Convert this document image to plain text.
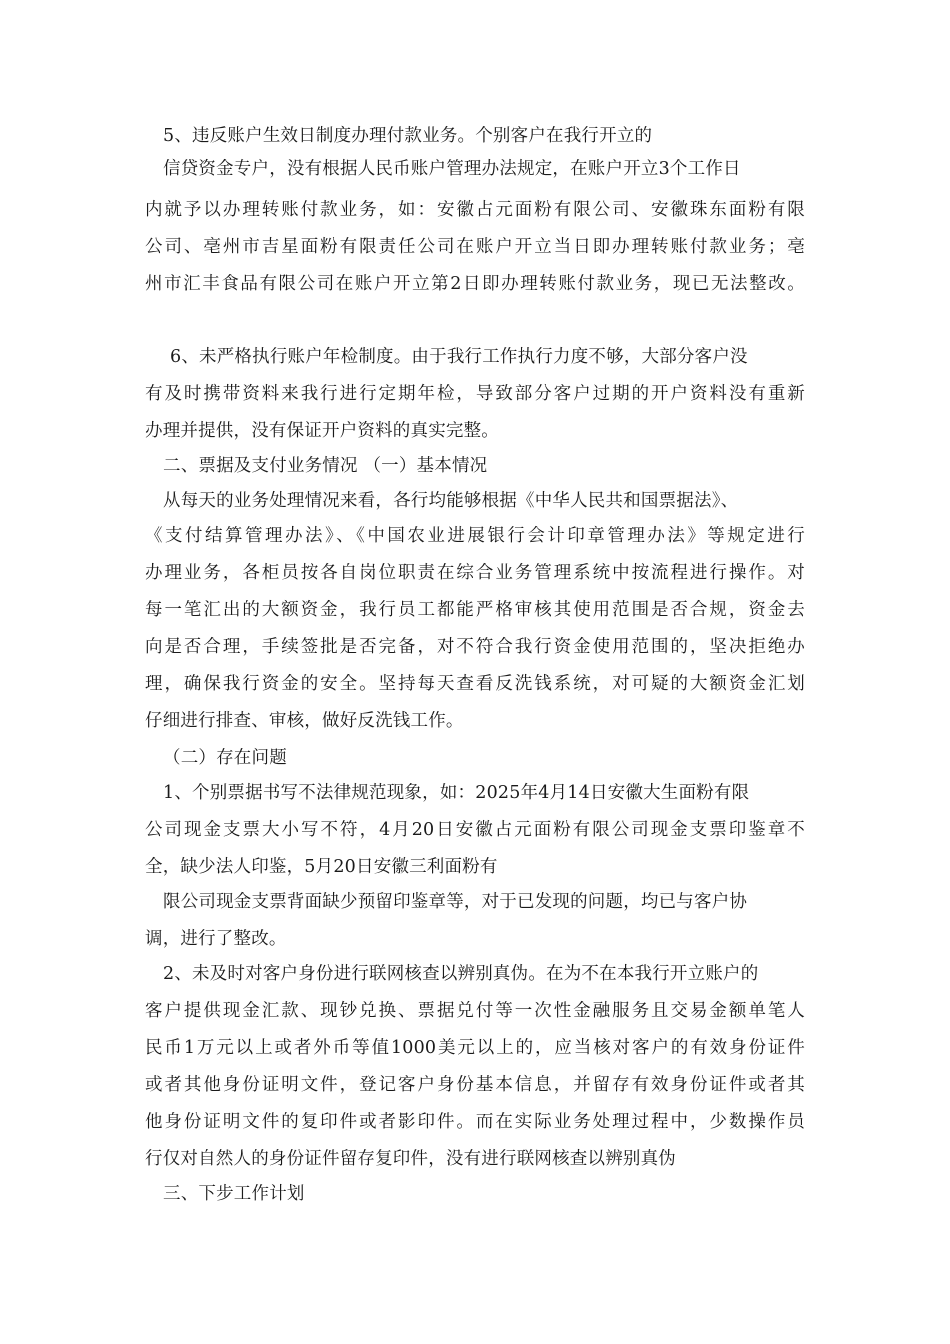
5、违反账户生效日制度办理付款业务。个别客户在我行开立的
信贷资金专户，没有根据人民币账户管理办法规定，在账户开立3个工作日
内就予以办理转账付款业务，如：安徽占元面粉有限公司、安徽珠东面粉有限
公司、亳州市吉星面粉有限责任公司在账户开立当日即办理转账付款业务；亳
州市汇丰食品有限公司在账户开立第2日即办理转账付款业务，现已无法整改。
6、未严格执行账户年检制度。由于我行工作执行力度不够，大部分客户没
有及时携带资料来我行进行定期年检，导致部分客户过期的开户资料没有重新
办理并提供，没有保证开户资料的真实完整。
二、票据及支付业务情况 （一）基本情况
从每天的业务处理情况来看，各行均能够根据《中华人民共和国票据法》、
《支付结算管理办法》、《中国农业进展银行会计印章管理办法》等规定进行
办理业务，各柜员按各自岗位职责在综合业务管理系统中按流程进行操作。对
每一笔汇出的大额资金，我行员工都能严格审核其使用范围是否合规，资金去
向是否合理，手续签批是否完备，对不符合我行资金使用范围的，坚决拒绝办
理，确保我行资金的安全。坚持每天查看反洗钱系统，对可疑的大额资金汇划
仔细进行排查、审核，做好反洗钱工作。
（二）存在问题
1、个别票据书写不法律规范现象，如：2025年4月14日安徽大生面粉有限
公司现金支票大小写不符，4月20日安徽占元面粉有限公司现金支票印鉴章不
全，缺少法人印鉴，5月20日安徽三利面粉有
限公司现金支票背面缺少预留印鉴章等，对于已发现的问题，均已与客户协
调，进行了整改。
2、未及时对客户身份进行联网核查以辨别真伪。在为不在本我行开立账户的
客户提供现金汇款、现钞兑换、票据兑付等一次性金融服务且交易金额单笔人
民币1万元以上或者外币等值1000美元以上的，应当核对客户的有效身份证件
或者其他身份证明文件，登记客户身份基本信息，并留存有效身份证件或者其
他身份证明文件的复印件或者影印件。而在实际业务处理过程中，少数操作员
行仅对自然人的身份证件留存复印件，没有进行联网核查以辨别真伪
三、下步工作计划
